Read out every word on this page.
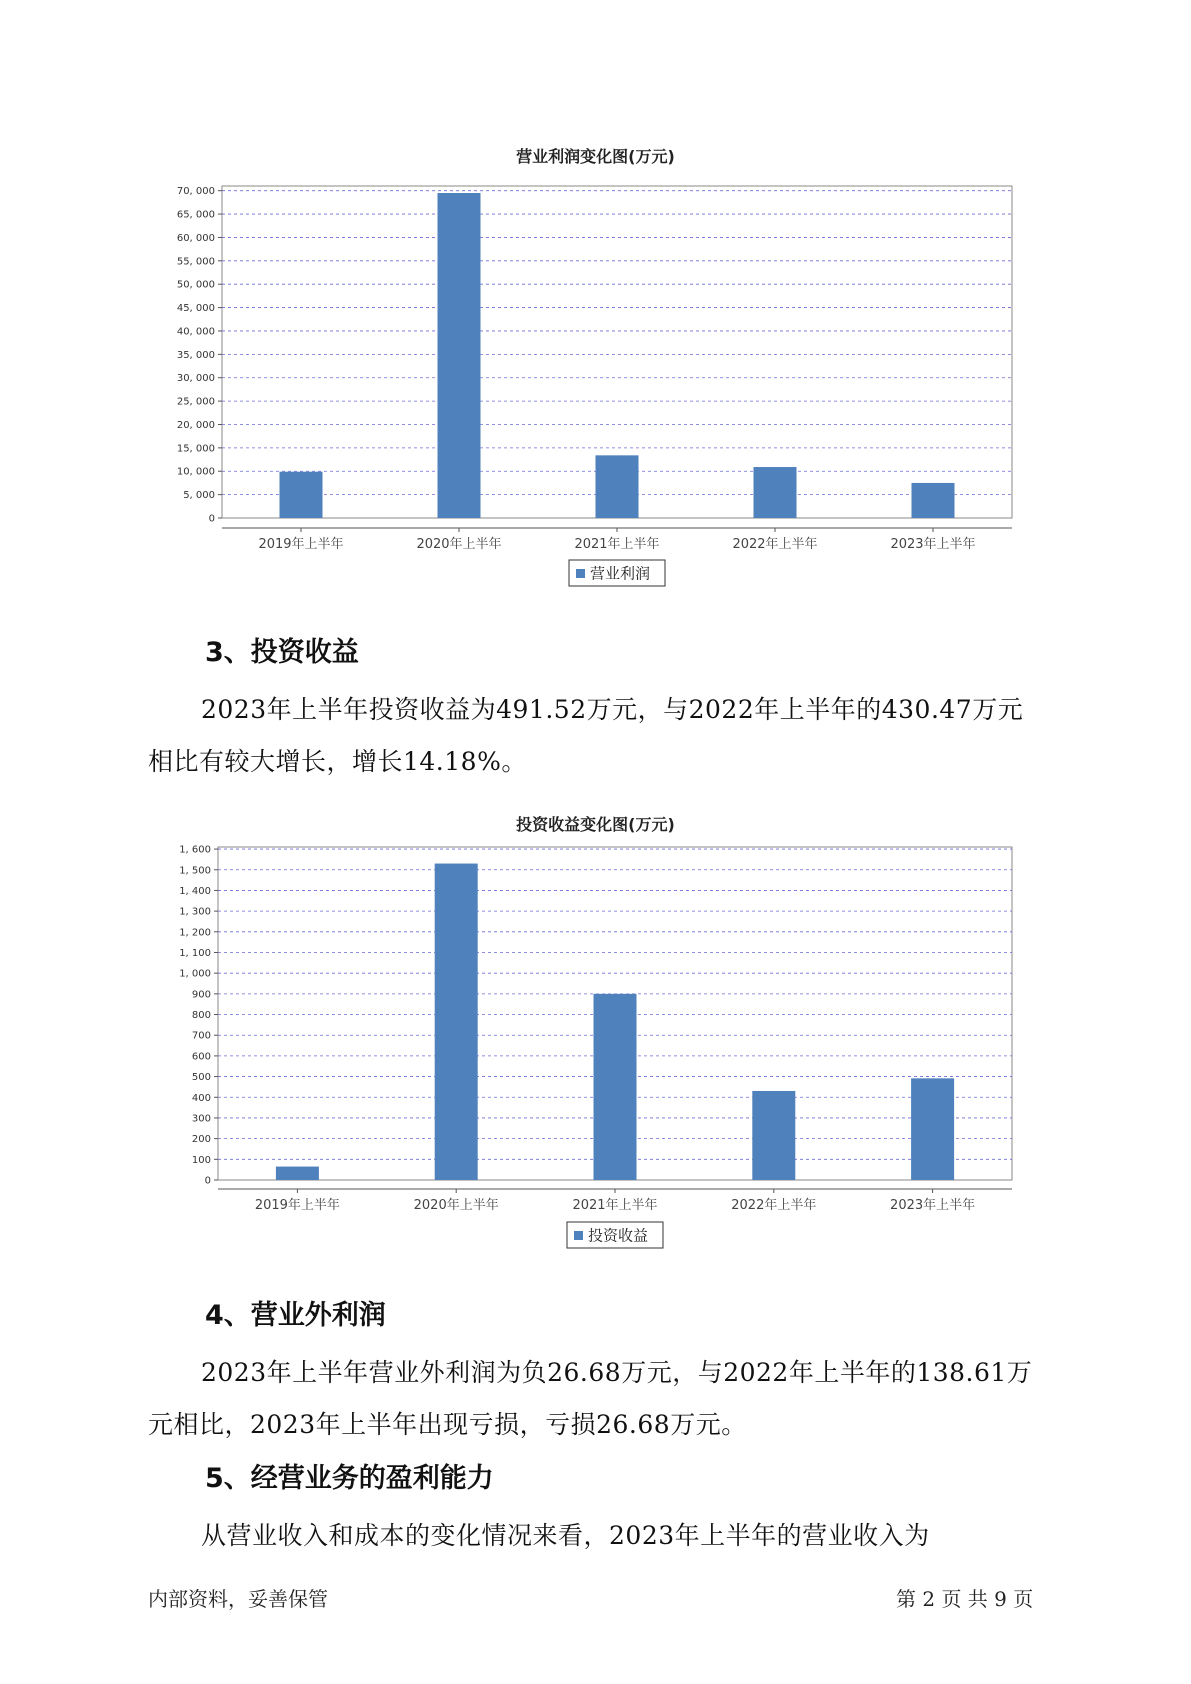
营业利润变化图(万元)
0
5, 000
10, 000
15, 000
20, 000
25, 000
30, 000
35, 000
40, 000
45, 000
50, 000
55, 000
60, 000
65, 000
70, 000
2019年上半年	2020年上半年	2021年上半年	2022年上半年	2023年上半年
营业利润
3、投资收益

2023年上半年投资收益为491.52万元，与2022年上半年的430.47万元

相比有较大增长，增长14.18%。

投资收益变化图(万元)
0
100
200
300
400
500
600
700
800
900
1, 000
1, 100
1, 200
1, 300
1, 400
1, 500
1, 600
2019年上半年	2020年上半年	2021年上半年	2022年上半年	2023年上半年
投资收益
4、营业外利润

2023年上半年营业外利润为负26.68万元，与2022年上半年的138.61万

元相比，2023年上半年出现亏损，亏损26.68万元。

5、经营业务的盈利能力

从营业收入和成本的变化情况来看，2023年上半年的营业收入为

内部资料，妥善保管	第 2 页 共 9 页
